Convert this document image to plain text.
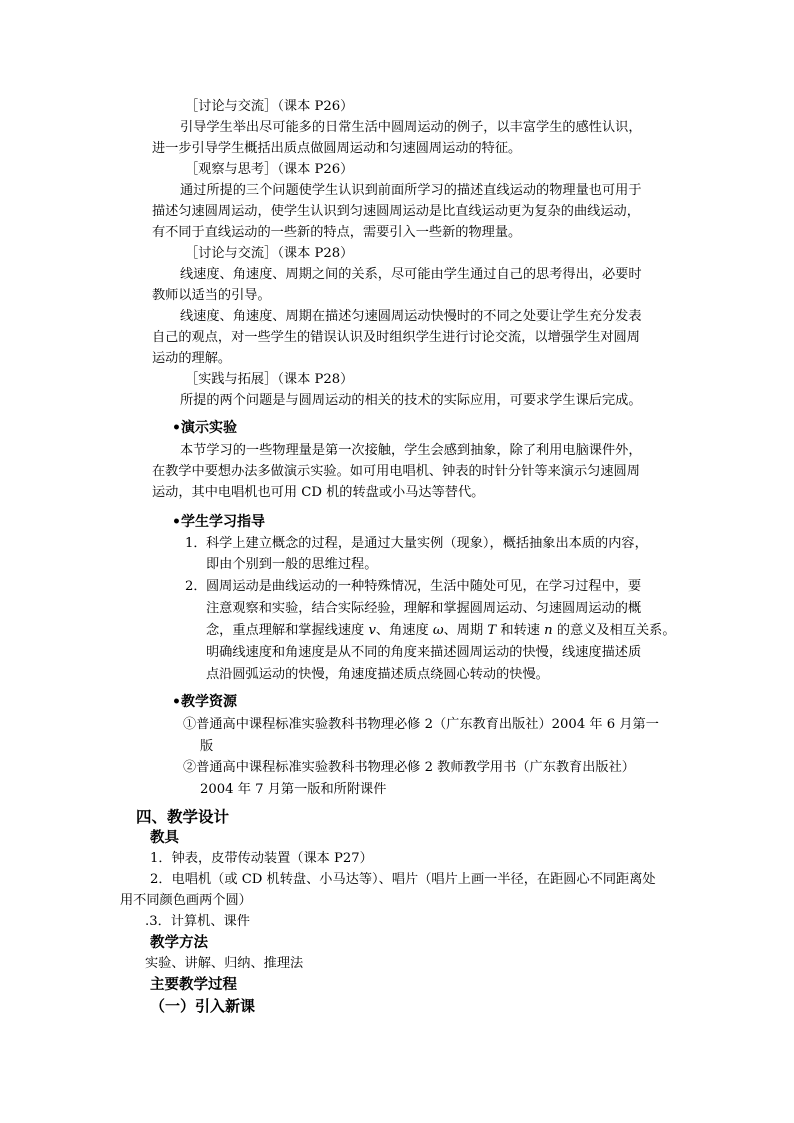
［讨论与交流］（课本 P26）
引导学生举出尽可能多的日常生活中圆周运动的例子，以丰富学生的感性认识，
进一步引导学生概括出质点做圆周运动和匀速圆周运动的特征。
［观察与思考］（课本 P26）
通过所提的三个问题使学生认识到前面所学习的描述直线运动的物理量也可用于
描述匀速圆周运动，使学生认识到匀速圆周运动是比直线运动更为复杂的曲线运动，
有不同于直线运动的一些新的特点，需要引入一些新的物理量。
［讨论与交流］（课本 P28）
线速度、角速度、周期之间的关系，尽可能由学生通过自己的思考得出，必要时
教师以适当的引导。
线速度、角速度、周期在描述匀速圆周运动快慢时的不同之处要让学生充分发表
自己的观点，对一些学生的错误认识及时组织学生进行讨论交流，以增强学生对圆周
运动的理解。
［实践与拓展］（课本 P28）
所提的两个问题是与圆周运动的相关的技术的实际应用，可要求学生课后完成。
•演示实验
本节学习的一些物理量是第一次接触，学生会感到抽象，除了利用电脑课件外，
在教学中要想办法多做演示实验。如可用电唱机、钟表的时针分针等来演示匀速圆周
运动，其中电唱机也可用 CD 机的转盘或小马达等替代。
•学生学习指导
1． 科学上建立概念的过程，是通过大量实例（现象），概括抽象出本质的内容，
即由个别到一般的思维过程。
2． 圆周运动是曲线运动的一种特殊情况，生活中随处可见，在学习过程中，要
注意观察和实验，结合实际经验，理解和掌握圆周运动、匀速圆周运动的概
念，重点理解和掌握线速度 v、角速度 ω、周期 T 和转速 n 的意义及相互关系。
明确线速度和角速度是从不同的角度来描述圆周运动的快慢，线速度描述质
点沿圆弧运动的快慢，角速度描述质点绕圆心转动的快慢。
•教学资源
①普通高中课程标准实验教科书物理必修 2（广东教育出版社）2004 年 6 月第一
版
②普通高中课程标准实验教科书物理必修 2 教师教学用书（广东教育出版社）
2004 年 7 月第一版和所附课件
四、教学设计
教具
1．钟表，皮带传动装置（课本 P27）
2．电唱机（或 CD 机转盘、小马达等）、唱片（唱片上画一半径，在距圆心不同距离处
用不同颜色画两个圆）
.3．计算机、课件
教学方法
实验、讲解、归纳、推理法
主要教学过程
（一）引入新课
